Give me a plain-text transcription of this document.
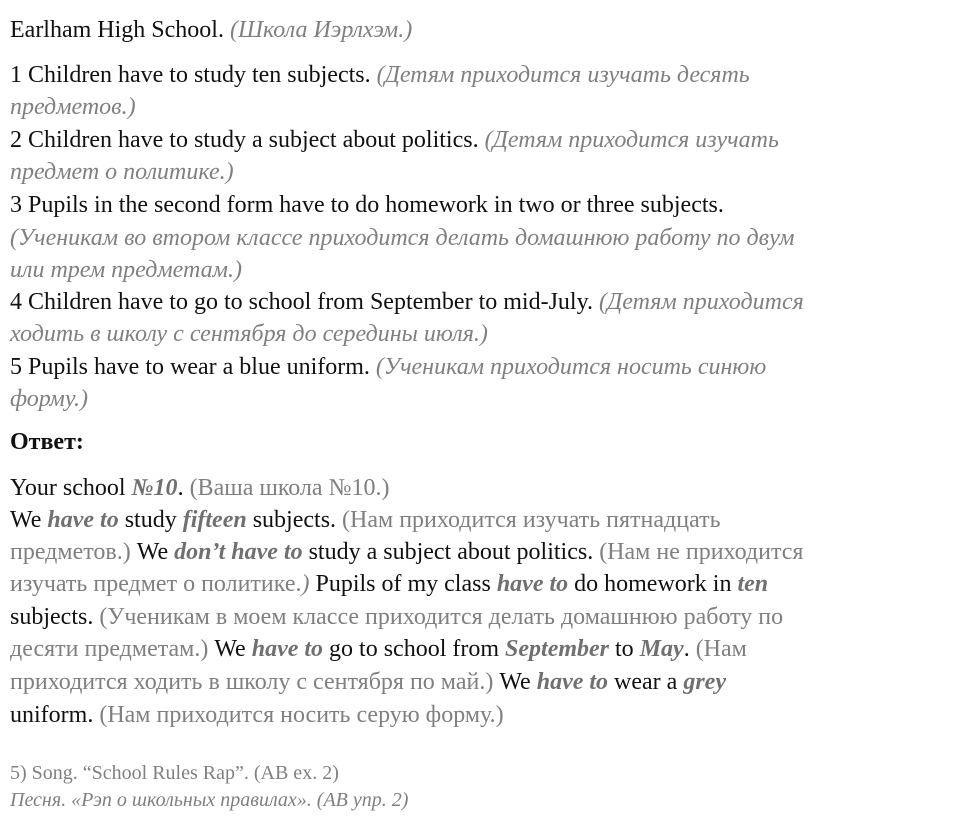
Earlham High School. (Школа Иэрлхэм.)
1 Children have to study ten subjects. (Детям приходится изучать десять
предметов.)
2 Children have to study a subject about politics. (Детям приходится изучать
предмет о политике.)
3 Pupils in the second form have to do homework in two or three subjects.
(Ученикам во втором классе приходится делать домашнюю работу по двум
или трем предметам.)
4 Children have to go to school from September to mid-July. (Детям приходится
ходить в школу с сентября до середины июля.)
5 Pupils have to wear a blue uniform. (Ученикам приходится носить синюю
форму.)
Ответ:
Your school №10. (Ваша школа №10.)
We have to study fifteen subjects. (Нам приходится изучать пятнадцать
предметов.) We don’t have to study a subject about politics. (Нам не приходится
изучать предмет о политике.) Pupils of my class have to do homework in ten
subjects. (Ученикам в моем классе приходится делать домашнюю работу по
десяти предметам.) We have to go to school from September to May. (Нам
приходится ходить в школу с сентября по май.) We have to wear a grey
uniform. (Нам приходится носить серую форму.)
5) Song. “School Rules Rap”. (AB ex. 2)
Песня. «Рэп о школьных правилах». (AB упр. 2)
